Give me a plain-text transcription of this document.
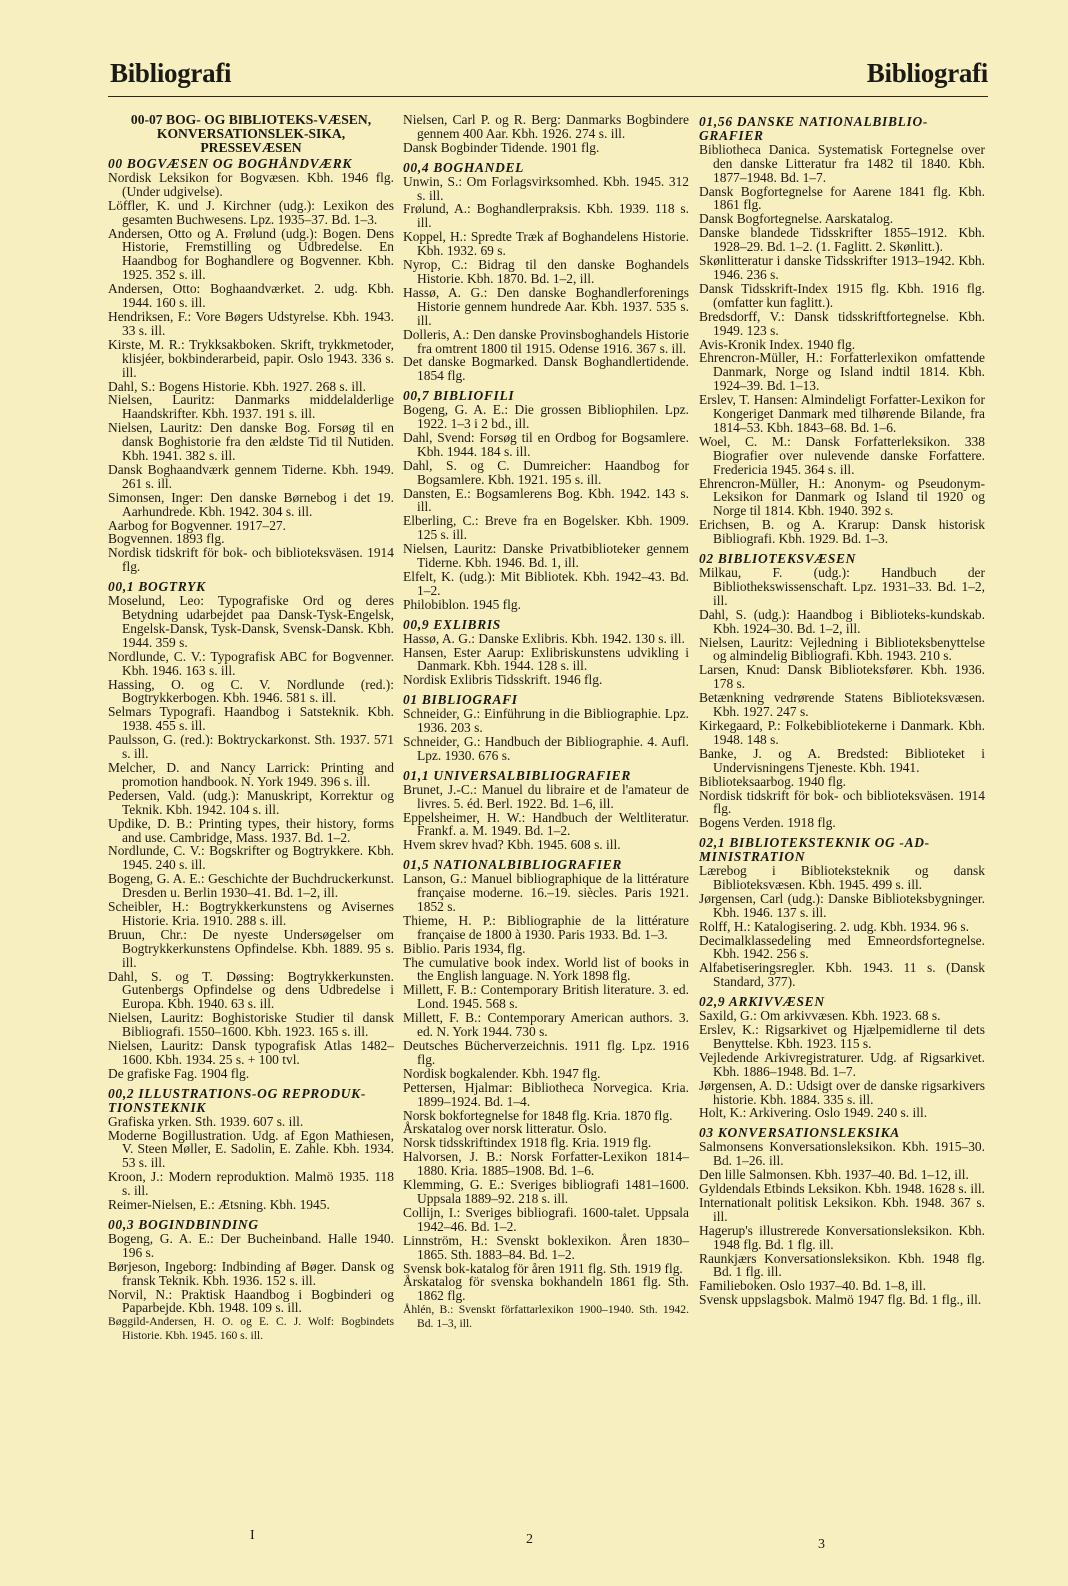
Bibliografi	Bibliografi
00-07 BOG- OG BIBLIOTEKS-VÆSEN, KONVERSATIONSLEK-SIKA, PRESSEVÆSEN
00 BOGVÆSEN OG BOGHÅNDVÆRK

Nordisk Leksikon for Bogvæsen. Kbh. 1946 flg. (Under udgivelse).

Löffler, K. und J. Kirchner (udg.): Lexikon des gesamten Buchwesens. Lpz. 1935–37. Bd. 1–3.

Andersen, Otto og A. Frølund (udg.): Bogen. Dens Historie, Fremstilling og Udbredelse. En Haandbog for Boghandlere og Bogvenner. Kbh. 1925. 352 s. ill.

Andersen, Otto: Boghaandværket. 2. udg. Kbh. 1944. 160 s. ill.

Hendriksen, F.: Vore Bøgers Udstyrelse. Kbh. 1943. 33 s. ill.

Kirste, M. R.: Trykksakboken. Skrift, trykkmetoder, klisjéer, bokbinderarbeid, papir. Oslo 1943. 336 s. ill.

Dahl, S.: Bogens Historie. Kbh. 1927. 268 s. ill.

Nielsen, Lauritz: Danmarks middelalderlige Haandskrifter. Kbh. 1937. 191 s. ill.

Nielsen, Lauritz: Den danske Bog. Forsøg til en dansk Boghistorie fra den ældste Tid til Nutiden. Kbh. 1941. 382 s. ill.

Dansk Boghaandværk gennem Tiderne. Kbh. 1949. 261 s. ill.

Simonsen, Inger: Den danske Børnebog i det 19. Aarhundrede. Kbh. 1942. 304 s. ill.

Aarbog for Bogvenner. 1917–27.

Bogvennen. 1893 flg.

Nordisk tidskrift för bok- och biblioteksväsen. 1914 flg.

00,1 BOGTRYK

Moselund, Leo: Typografiske Ord og deres Betydning udarbejdet paa Dansk-Tysk-Engelsk, Engelsk-Dansk, Tysk-Dansk, Svensk-Dansk. Kbh. 1944. 359 s.

Nordlunde, C. V.: Typografisk ABC for Bogvenner. Kbh. 1946. 163 s. ill.

Hassing, O. og C. V. Nordlunde (red.): Bogtrykkerbogen. Kbh. 1946. 581 s. ill.

Selmars Typografi. Haandbog i Satsteknik. Kbh. 1938. 455 s. ill.

Paulsson, G. (red.): Boktryckarkonst. Sth. 1937. 571 s. ill.

Melcher, D. and Nancy Larrick: Printing and promotion handbook. N. York 1949. 396 s. ill.

Pedersen, Vald. (udg.): Manuskript, Korrektur og Teknik. Kbh. 1942. 104 s. ill.

Updike, D. B.: Printing types, their history, forms and use. Cambridge, Mass. 1937. Bd. 1–2.

Nordlunde, C. V.: Bogskrifter og Bogtrykkere. Kbh. 1945. 240 s. ill.

Bogeng, G. A. E.: Geschichte der Buchdruckerkunst. Dresden u. Berlin 1930–41. Bd. 1–2, ill.

Scheibler, H.: Bogtrykkerkunstens og Avisernes Historie. Kria. 1910. 288 s. ill.

Bruun, Chr.: De nyeste Undersøgelser om Bogtrykkerkunstens Opfindelse. Kbh. 1889. 95 s. ill.

Dahl, S. og T. Døssing: Bogtrykkerkunsten. Gutenbergs Opfindelse og dens Udbredelse i Europa. Kbh. 1940. 63 s. ill.

Nielsen, Lauritz: Boghistoriske Studier til dansk Bibliografi. 1550–1600. Kbh. 1923. 165 s. ill.

Nielsen, Lauritz: Dansk typografisk Atlas 1482–1600. Kbh. 1934. 25 s. + 100 tvl.

De grafiske Fag. 1904 flg.

00,2 ILLUSTRATIONS-OG REPRODUK-TIONSTEKNIK

Grafiska yrken. Sth. 1939. 607 s. ill.

Moderne Bogillustration. Udg. af Egon Mathiesen, V. Steen Møller, E. Sadolin, E. Zahle. Kbh. 1934. 53 s. ill.

Kroon, J.: Modern reproduktion. Malmö 1935. 118 s. ill.

Reimer-Nielsen, E.: Ætsning. Kbh. 1945.

00,3 BOGINDBINDING

Bogeng, G. A. E.: Der Bucheinband. Halle 1940. 196 s.

Børjeson, Ingeborg: Indbinding af Bøger. Dansk og fransk Teknik. Kbh. 1936. 152 s. ill.

Norvil, N.: Praktisk Haandbog i Bogbinderi og Paparbejde. Kbh. 1948. 109 s. ill.

Bøggild-Andersen, H. O. og E. C. J. Wolf: Bogbindets Historie. Kbh. 1945. 160 s. ill.

Nielsen, Carl P. og R. Berg: Danmarks Bogbindere gennem 400 Aar. Kbh. 1926. 274 s. ill.

Dansk Bogbinder Tidende. 1901 flg.

00,4 BOGHANDEL

Unwin, S.: Om Forlagsvirksomhed. Kbh. 1945. 312 s. ill.

Frølund, A.: Boghandlerpraksis. Kbh. 1939. 118 s. ill.

Koppel, H.: Spredte Træk af Boghandelens Historie. Kbh. 1932. 69 s.

Nyrop, C.: Bidrag til den danske Boghandels Historie. Kbh. 1870. Bd. 1–2, ill.

Hassø, A. G.: Den danske Boghandlerforenings Historie gennem hundrede Aar. Kbh. 1937. 535 s. ill.

Dolleris, A.: Den danske Provinsboghandels Historie fra omtrent 1800 til 1915. Odense 1916. 367 s. ill.

Det danske Bogmarked. Dansk Boghandlertidende. 1854 flg.

00,7 BIBLIOFILI

Bogeng, G. A. E.: Die grossen Bibliophilen. Lpz. 1922. 1–3 i 2 bd., ill.

Dahl, Svend: Forsøg til en Ordbog for Bogsamlere. Kbh. 1944. 184 s. ill.

Dahl, S. og C. Dumreicher: Haandbog for Bogsamlere. Kbh. 1921. 195 s. ill.

Dansten, E.: Bogsamlerens Bog. Kbh. 1942. 143 s. ill.

Elberling, C.: Breve fra en Bogelsker. Kbh. 1909. 125 s. ill.

Nielsen, Lauritz: Danske Privatbiblioteker gennem Tiderne. Kbh. 1946. Bd. 1, ill.

Elfelt, K. (udg.): Mit Bibliotek. Kbh. 1942–43. Bd. 1–2.

Philobiblon. 1945 flg.

00,9 EXLIBRIS

Hassø, A. G.: Danske Exlibris. Kbh. 1942. 130 s. ill.

Hansen, Ester Aarup: Exlibriskunstens udvikling i Danmark. Kbh. 1944. 128 s. ill.

Nordisk Exlibris Tidsskrift. 1946 flg.

01 BIBLIOGRAFI

Schneider, G.: Einführung in die Bibliographie. Lpz. 1936. 203 s.

Schneider, G.: Handbuch der Bibliographie. 4. Aufl. Lpz. 1930. 676 s.

01,1 UNIVERSALBIBLIOGRAFIER

Brunet, J.-C.: Manuel du libraire et de l'amateur de livres. 5. éd. Berl. 1922. Bd. 1–6, ill.

Eppelsheimer, H. W.: Handbuch der Weltliteratur. Frankf. a. M. 1949. Bd. 1–2.

Hvem skrev hvad? Kbh. 1945. 608 s. ill.

01,5 NATIONALBIBLIOGRAFIER

Lanson, G.: Manuel bibliographique de la littérature française moderne. 16.–19. siècles. Paris 1921. 1852 s.

Thieme, H. P.: Bibliographie de la littérature française de 1800 à 1930. Paris 1933. Bd. 1–3.

Biblio. Paris 1934, flg.

The cumulative book index. World list of books in the English language. N. York 1898 flg.

Millett, F. B.: Contemporary British literature. 3. ed. Lond. 1945. 568 s.

Millett, F. B.: Contemporary American authors. 3. ed. N. York 1944. 730 s.

Deutsches Bücherverzeichnis. 1911 flg. Lpz. 1916 flg.

Nordisk bogkalender. Kbh. 1947 flg.

Pettersen, Hjalmar: Bibliotheca Norvegica. Kria. 1899–1924. Bd. 1–4.

Norsk bokfortegnelse for 1848 flg. Kria. 1870 flg.

Årskatalog over norsk litteratur. Oslo.

Norsk tidsskriftindex 1918 flg. Kria. 1919 flg.

Halvorsen, J. B.: Norsk Forfatter-Lexikon 1814–1880. Kria. 1885–1908. Bd. 1–6.

Klemming, G. E.: Sveriges bibliografi 1481–1600. Uppsala 1889–92. 218 s. ill.

Collijn, I.: Sveriges bibliografi. 1600-talet. Uppsala 1942–46. Bd. 1–2.

Linnström, H.: Svenskt boklexikon. Åren 1830–1865. Sth. 1883–84. Bd. 1–2.

Svensk bok-katalog för åren 1911 flg. Sth. 1919 flg.

Årskatalog för svenska bokhandeln 1861 flg. Sth. 1862 flg.

Åhlén, B.: Svenskt författarlexikon 1900–1940. Sth. 1942. Bd. 1–3, ill.

01,56 DANSKE NATIONALBIBLIO-GRAFIER

Bibliotheca Danica. Systematisk Fortegnelse over den danske Litteratur fra 1482 til 1840. Kbh. 1877–1948. Bd. 1–7.

Dansk Bogfortegnelse for Aarene 1841 flg. Kbh. 1861 flg.

Dansk Bogfortegnelse. Aarskatalog.

Danske blandede Tidsskrifter 1855–1912. Kbh. 1928–29. Bd. 1–2. (1. Faglitt. 2. Skønlitt.).

Skønlitteratur i danske Tidsskrifter 1913–1942. Kbh. 1946. 236 s.

Dansk Tidsskrift-Index 1915 flg. Kbh. 1916 flg. (omfatter kun faglitt.).

Bredsdorff, V.: Dansk tidsskriftfortegnelse. Kbh. 1949. 123 s.

Avis-Kronik Index. 1940 flg.

Ehrencron-Müller, H.: Forfatterlexikon omfattende Danmark, Norge og Island indtil 1814. Kbh. 1924–39. Bd. 1–13.

Erslev, T. Hansen: Almindeligt Forfatter-Lexikon for Kongeriget Danmark med tilhørende Bilande, fra 1814–53. Kbh. 1843–68. Bd. 1–6.

Woel, C. M.: Dansk Forfatterleksikon. 338 Biografier over nulevende danske Forfattere. Fredericia 1945. 364 s. ill.

Ehrencron-Müller, H.: Anonym- og Pseudonym-Leksikon for Danmark og Island til 1920 og Norge til 1814. Kbh. 1940. 392 s.

Erichsen, B. og A. Krarup: Dansk historisk Bibliografi. Kbh. 1929. Bd. 1–3.

02 BIBLIOTEKSVÆSEN

Milkau, F. (udg.): Handbuch der Bibliothekswissenschaft. Lpz. 1931–33. Bd. 1–2, ill.

Dahl, S. (udg.): Haandbog i Biblioteks-kundskab. Kbh. 1924–30. Bd. 1–2, ill.

Nielsen, Lauritz: Vejledning i Biblioteksbenyttelse og almindelig Bibliografi. Kbh. 1943. 210 s.

Larsen, Knud: Dansk Biblioteksfører. Kbh. 1936. 178 s.

Betænkning vedrørende Statens Biblioteksvæsen. Kbh. 1927. 247 s.

Kirkegaard, P.: Folkebibliotekerne i Danmark. Kbh. 1948. 148 s.

Banke, J. og A. Bredsted: Biblioteket i Undervisningens Tjeneste. Kbh. 1941.

Biblioteksaarbog. 1940 flg.

Nordisk tidskrift för bok- och biblioteksväsen. 1914 flg.

Bogens Verden. 1918 flg.

02,1 BIBLIOTEKSTEKNIK OG -AD-MINISTRATION

Lærebog i Biblioteksteknik og dansk Biblioteksvæsen. Kbh. 1945. 499 s. ill.

Jørgensen, Carl (udg.): Danske Biblioteksbygninger. Kbh. 1946. 137 s. ill.

Rolff, H.: Katalogisering. 2. udg. Kbh. 1934. 96 s.

Decimalklassedeling med Emneordsfortegnelse. Kbh. 1942. 256 s.

Alfabetiseringsregler. Kbh. 1943. 11 s. (Dansk Standard, 377).

02,9 ARKIVVÆSEN

Saxild, G.: Om arkivvæsen. Kbh. 1923. 68 s.

Erslev, K.: Rigsarkivet og Hjælpemidlerne til dets Benyttelse. Kbh. 1923. 115 s.

Vejledende Arkivregistraturer. Udg. af Rigsarkivet. Kbh. 1886–1948. Bd. 1–7.

Jørgensen, A. D.: Udsigt over de danske rigsarkivers historie. Kbh. 1884. 335 s. ill.

Holt, K.: Arkivering. Oslo 1949. 240 s. ill.

03 KONVERSATIONSLEKSIKA

Salmonsens Konversationsleksikon. Kbh. 1915–30. Bd. 1–26. ill.

Den lille Salmonsen. Kbh. 1937–40. Bd. 1–12, ill.

Gyldendals Etbinds Leksikon. Kbh. 1948. 1628 s. ill.

Internationalt politisk Leksikon. Kbh. 1948. 367 s. ill.

Hagerup's illustrerede Konversationsleksikon. Kbh. 1948 flg. Bd. 1 flg. ill.

Raunkjærs Konversationsleksikon. Kbh. 1948 flg. Bd. 1 flg. ill.

Familieboken. Oslo 1937–40. Bd. 1–8, ill.

Svensk uppslagsbok. Malmö 1947 flg. Bd. 1 flg., ill.

I	2	3
